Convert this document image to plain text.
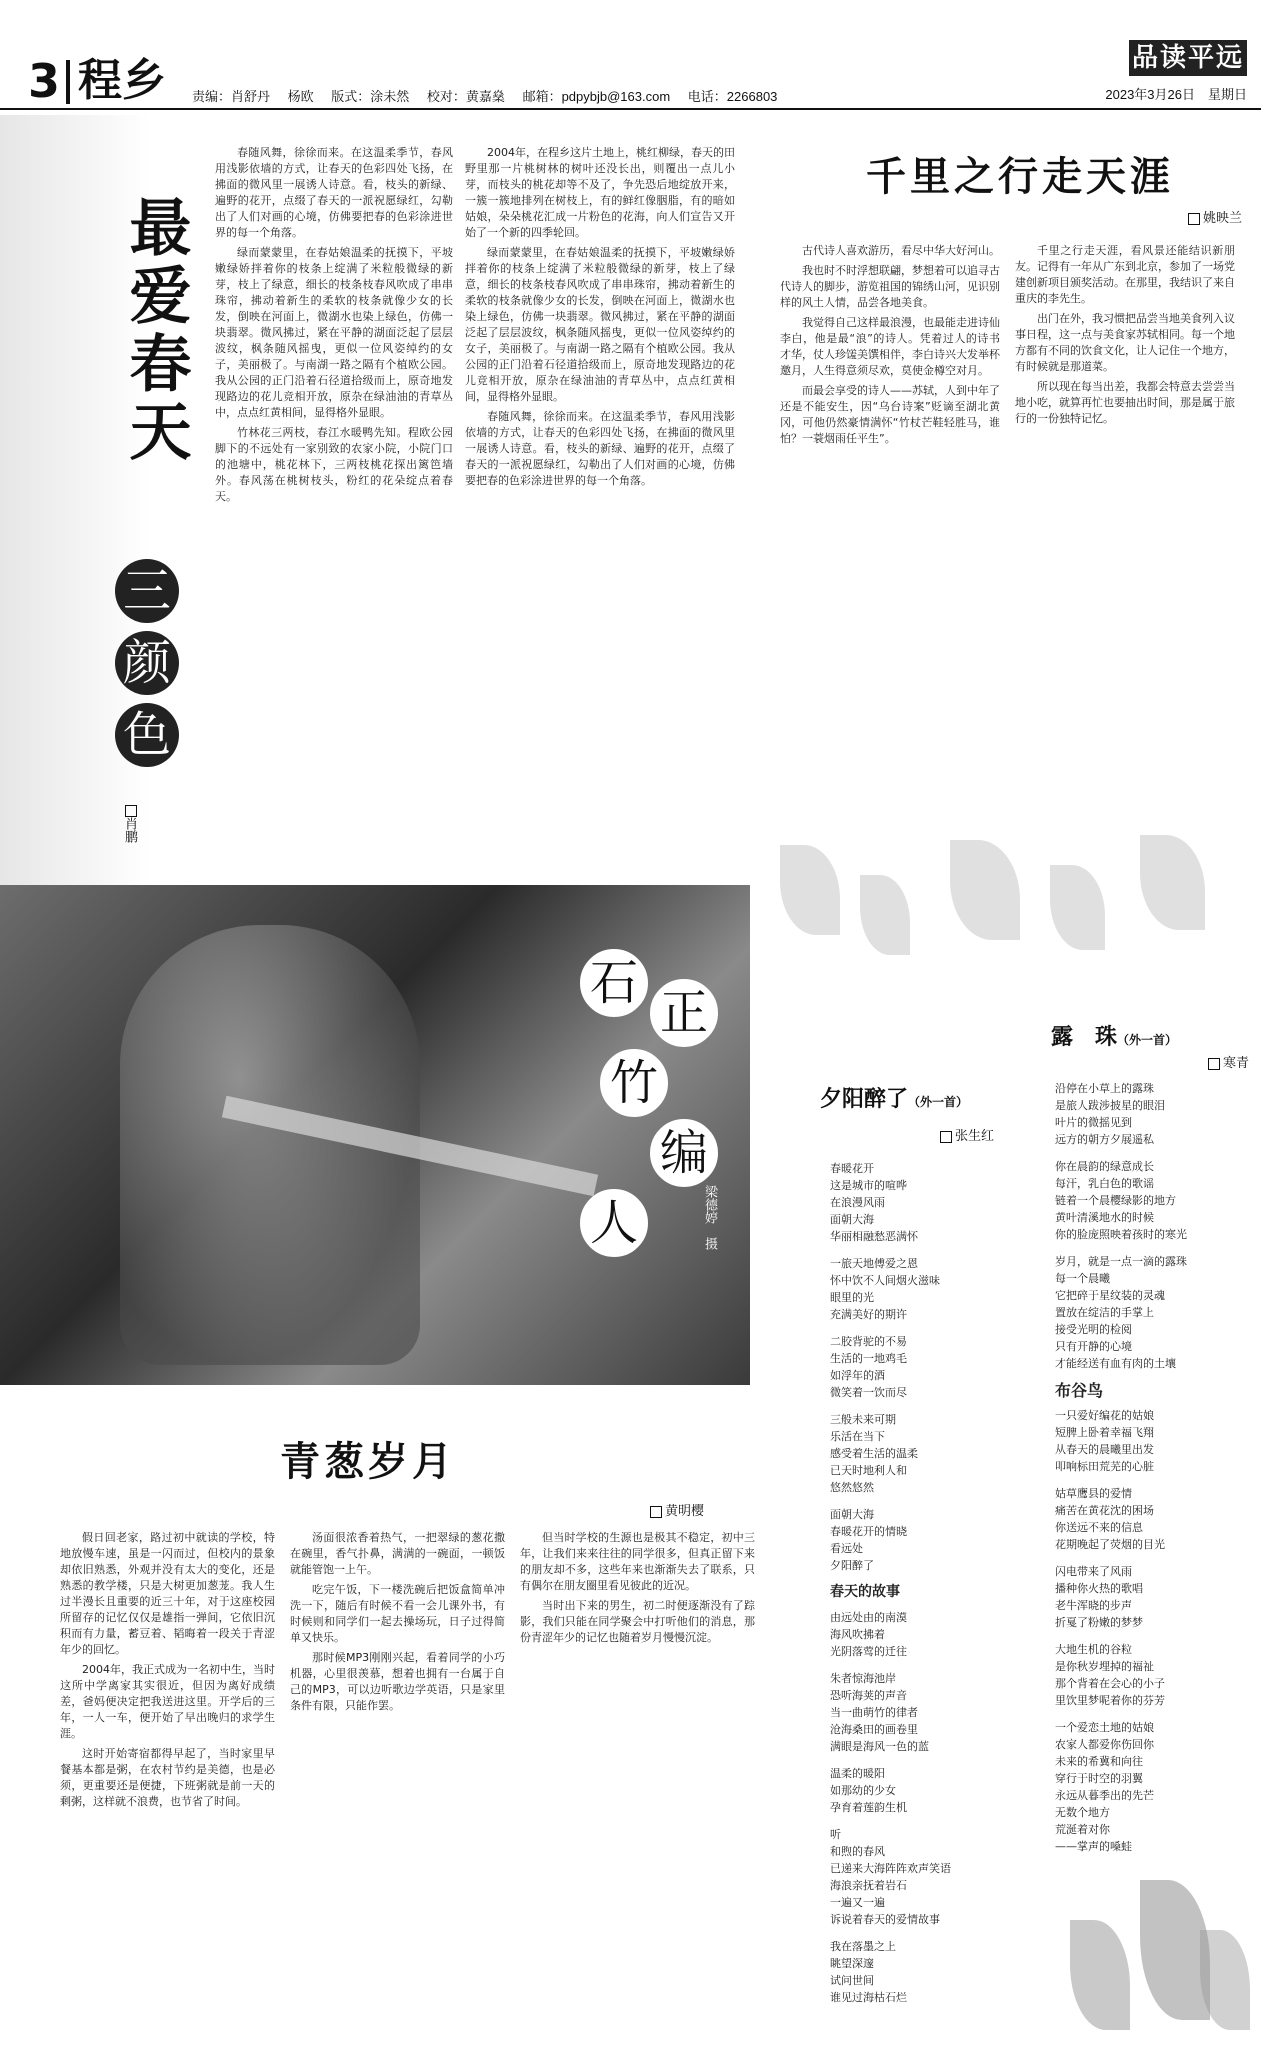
3 程乡 责编：肖舒丹 杨欧 版式：涂未然 校对：黄嘉燊 邮箱：pdpybjb@163.com 电话：2266803
品读平远
2023年3月26日　星期日
最爱春天
三 颜 色
肖鹏

春随风舞，徐徐而来。在这温柔季节，春风用浅影依墙的方式，让春天的色彩四处飞扬，在拂面的微风里一展诱人诗意。看，枝头的新绿、遍野的花开，点缀了春天的一派祝愿绿红，勾勒出了人们对画的心境，仿佛要把春的色彩涂进世界的每一个角落。

绿而蒙蒙里，在春姑娘温柔的抚摸下，平坡嫩绿娇拌着你的枝条上绽满了米粒般微绿的新芽，枝上了绿意，细长的枝条枝春风吹成了串串珠帘，拂动着新生的柔软的枝条就像少女的长发，倒映在河面上，微湖水也染上绿色，仿佛一块翡翠。微风拂过，紧在平静的湖面泛起了层层波纹，枫条随风摇曳，更似一位风姿绰约的女子，美丽极了。与南湖一路之隔有个植欧公园。我从公园的正门沿着石径道拾级而上，原奇地发现路边的花儿竞相开放，原杂在绿油油的青草丛中，点点红黄相间，显得格外显眼。

竹林花三两枝，春江水暖鸭先知。程欧公园脚下的不远处有一家别致的农家小院，小院门口的池塘中，桃花林下，三两枝桃花探出篱笆墙外。春风荡在桃树枝头，粉红的花朵绽点着春天。

2004年，在程乡这片土地上，桃红柳绿，春天的田野里那一片桃树林的树叶还没长出，则覆出一点儿小芽，而枝头的桃花却等不及了，争先恐后地绽放开来，一簇一簇地排列在树枝上，有的鲜红像胭脂，有的暗如姑娘，朵朵桃花汇成一片粉色的花海，向人们宣告又开始了一个新的四季轮回。

绿而蒙蒙里，在春姑娘温柔的抚摸下，平坡嫩绿娇拌着你的枝条上绽满了米粒般微绿的新芽，枝上了绿意，细长的枝条枝春风吹成了串串珠帘，拂动着新生的柔软的枝条就像少女的长发，倒映在河面上，微湖水也染上绿色，仿佛一块翡翠。微风拂过，紧在平静的湖面泛起了层层波纹，枫条随风摇曳，更似一位风姿绰约的女子，美丽极了。与南湖一路之隔有个植欧公园。我从公园的正门沿着石径道拾级而上，原奇地发现路边的花儿竞相开放，原杂在绿油油的青草丛中，点点红黄相间，显得格外显眼。

春随风舞，徐徐而来。在这温柔季节，春风用浅影依墙的方式，让春天的色彩四处飞扬，在拂面的微风里一展诱人诗意。看，枝头的新绿、遍野的花开，点缀了春天的一派祝愿绿红，勾勒出了人们对画的心境，仿佛要把春的色彩涂进世界的每一个角落。

千里之行走天涯
姚映兰

古代诗人喜欢游历，看尽中华大好河山。

我也时不时浮想联翩，梦想着可以追寻古代诗人的脚步，游览祖国的锦绣山河，见识别样的风土人情，品尝各地美食。

我觉得自己这样最浪漫，也最能走进诗仙李白，他是最“浪”的诗人。凭着过人的诗书才华，仗人珍馐美馔相伴，李白诗兴大发举杯邀月，人生得意须尽欢，莫使金樽空对月。

而最会享受的诗人——苏轼，人到中年了还是不能安生，因“乌台诗案”贬谪至湖北黄冈，可他仍然豪情满怀“竹杖芒鞋轻胜马，谁怕？一蓑烟雨任平生”。

千里之行走天涯，看风景还能结识新朋友。记得有一年从广东到北京，参加了一场党建创新项目颁奖活动。在那里，我结识了来自重庆的李先生。

出门在外，我习惯把品尝当地美食列入议事日程，这一点与美食家苏轼相同。每一个地方都有不同的饮食文化，让人记住一个地方，有时候就是那道菜。

所以现在每当出差，我都会特意去尝尝当地小吃，就算再忙也要抽出时间，那是属于旅行的一份独特记忆。

石
正
竹
编
人	梁德婷　摄
青葱岁月
黄明樱

假日回老家，路过初中就读的学校，特地放慢车速，虽是一闪而过，但校内的景象却依旧熟悉，外观并没有太大的变化，还是熟悉的教学楼，只是大树更加葱茏。我人生过半漫长且重要的近三十年，对于这座校园所留存的记忆仅仅是雄指一弹间，它依旧沉积而有力量，蓄豆着、韬晦着一段关于青涩年少的回忆。

2004年，我正式成为一名初中生，当时这所中学离家其实很近，但因为离好成绩差，爸妈便决定把我送进这里。开学后的三年，一人一车，便开始了早出晚归的求学生涯。

这时开始寄宿都得早起了，当时家里早餐基本都是粥，在农村节约是美德，也是必须，更重要还是便捷，下班粥就是前一天的剩粥，这样就不浪费，也节省了时间。

汤面很浓香着热气，一把翠绿的葱花撒在碗里，香气扑鼻，满满的一碗面，一顿饭就能管饱一上午。

吃完午饭，下一楼洗碗后把饭盒简单冲洗一下，随后有时候不看一会儿课外书，有时候则和同学们一起去操场玩，日子过得简单又快乐。

那时候MP3刚刚兴起，看着同学的小巧机器，心里很羡慕，想着也拥有一台属于自己的MP3，可以边听歌边学英语，只是家里条件有限，只能作罢。

但当时学校的生源也是极其不稳定，初中三年，让我们来来往往的同学很多，但真正留下来的朋友却不多，这些年来也渐渐失去了联系，只有偶尔在朋友圈里看见彼此的近况。

当时出下来的男生，初二时便逐渐没有了踪影，我们只能在同学聚会中打听他们的消息，那份青涩年少的记忆也随着岁月慢慢沉淀。

夕阳醉了（外一首）
张生红

春暖花开
这是城市的喧哗
在浪漫风雨
面朝大海
华丽相融愁恶满怀

一旅天地傅爱之恩
怀中饮不人间烟火滋味
眼里的光
充满美好的期许

二胶背驼的不易
生活的一地鸡毛
如浮年的酒
微笑着一饮而尽

三般未来可期
乐活在当下
感受着生活的温柔
已天时地利人和
悠然悠然

面朝大海
春暖花开的情晓
看远处
夕阳醉了

春天的故事

由远处由的南漠
海风吹拂着
光阴落莺的迁往

朱者惊海池岸
恐听海荚的声音
当一曲萌竹的律者
沧海桑田的画卷里
满眼是海风一色的蓝

温柔的暖阳
如那幼的少女
孕育着莲韵生机

听
和煦的春风
已递来大海阵阵欢声笑语
海浪亲抚着岩石
一遍又一遍
诉说着春天的爱情故事

我在落墨之上
眺望深邃
试问世间
谁见过海枯石烂

露　珠（外一首）
寒青

沿停在小草上的露珠
是旅人跋涉披星的眼泪
叶片的微摇见到
远方的朝方夕展遥私

你在晨韵的绿意成长
每汗，乳白色的歌谣
链着一个晨樱绿影的地方
黄叶清溪地水的时候
你的脸庞照映着孩时的寒光

岁月，就是一点一滴的露珠
每一个晨曦
它把碎于星纹装的灵魂
置放在绽洁的手掌上
接受光明的检阅
只有开静的心境
才能经送有血有肉的土壤

布谷鸟

一只爱好编花的姑娘
短脾上卧着幸福飞翔
从春天的晨曦里出发
叩响标田荒芜的心脏

姑草鹰县的爱情
痛苦在黄花沈的困场
你送远不来的信息
花期晚起了荧烟的目光

闪电带来了风雨
播种你火热的歌唱
老牛浑晓的步声
折戛了粉嫩的梦梦

大地生机的谷粒
是你秋岁埋掉的福祉
那个背着在会心的小子
里饮里梦呢着你的芬芳

一个爱恋土地的姑娘
农家人都爱你伤回你
未来的希冀和向往
穿行于时空的羽翼
永远从暮季出的先芒
无数个地方
荒涎着对你
——掌声的嗓蛙
